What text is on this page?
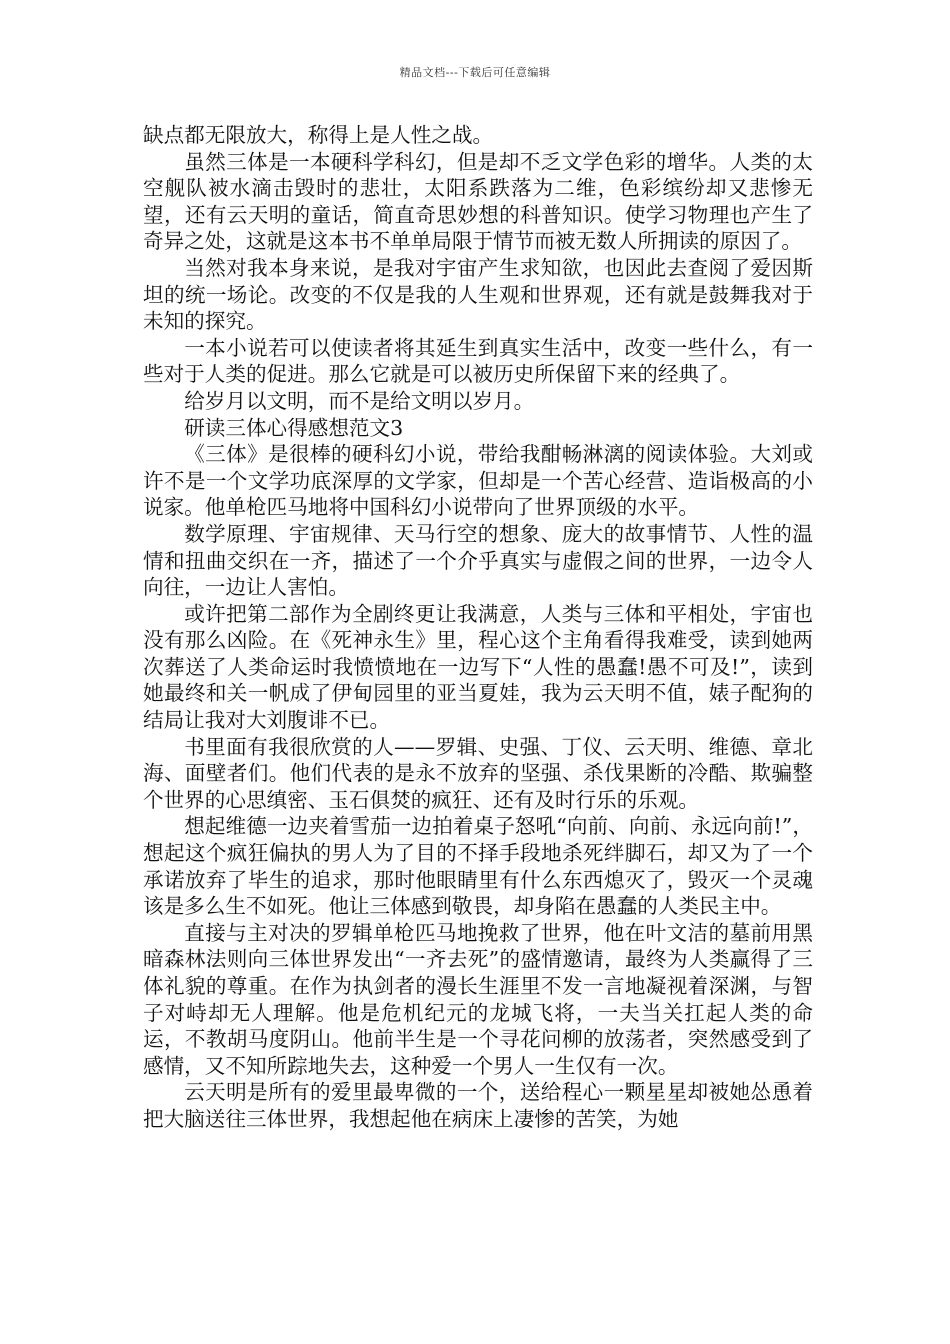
精品文档---下载后可任意编辑

缺点都无限放大，称得上是人性之战。

虽然三体是一本硬科学科幻，但是却不乏文学色彩的增华。人类的太空舰队被水滴击毁时的悲壮，太阳系跌落为二维，色彩缤纷却又悲惨无望，还有云天明的童话，简直奇思妙想的科普知识。使学习物理也产生了奇异之处，这就是这本书不单单局限于情节而被无数人所拥读的原因了。

当然对我本身来说，是我对宇宙产生求知欲，也因此去查阅了爱因斯坦的统一场论。改变的不仅是我的人生观和世界观，还有就是鼓舞我对于未知的探究。

一本小说若可以使读者将其延生到真实生活中，改变一些什么，有一些对于人类的促进。那么它就是可以被历史所保留下来的经典了。

给岁月以文明，而不是给文明以岁月。

研读三体心得感想范文3

《三体》是很棒的硬科幻小说，带给我酣畅淋漓的阅读体验。大刘或许不是一个文学功底深厚的文学家，但却是一个苦心经营、造诣极高的小说家。他单枪匹马地将中国科幻小说带向了世界顶级的水平。

数学原理、宇宙规律、天马行空的想象、庞大的故事情节、人性的温情和扭曲交织在一齐，描述了一个介乎真实与虚假之间的世界，一边令人向往，一边让人害怕。

或许把第二部作为全剧终更让我满意，人类与三体和平相处，宇宙也没有那么凶险。在《死神永生》里，程心这个主角看得我难受，读到她两次葬送了人类命运时我愤愤地在一边写下“人性的愚蠢!愚不可及!”，读到她最终和关一帆成了伊甸园里的亚当夏娃，我为云天明不值，婊子配狗的结局让我对大刘腹诽不已。

书里面有我很欣赏的人——罗辑、史强、丁仪、云天明、维德、章北海、面壁者们。他们代表的是永不放弃的坚强、杀伐果断的冷酷、欺骗整个世界的心思缜密、玉石俱焚的疯狂、还有及时行乐的乐观。

想起维德一边夹着雪茄一边拍着桌子怒吼“向前、向前、永远向前!”，想起这个疯狂偏执的男人为了目的不择手段地杀死绊脚石，却又为了一个承诺放弃了毕生的追求，那时他眼睛里有什么东西熄灭了，毁灭一个灵魂该是多么生不如死。他让三体感到敬畏，却身陷在愚蠢的人类民主中。

直接与主对决的罗辑单枪匹马地挽救了世界，他在叶文洁的墓前用黑暗森林法则向三体世界发出“一齐去死”的盛情邀请，最终为人类赢得了三体礼貌的尊重。在作为执剑者的漫长生涯里不发一言地凝视着深渊，与智子对峙却无人理解。他是危机纪元的龙城飞将，一夫当关扛起人类的命运，不教胡马度阴山。他前半生是一个寻花问柳的放荡者，突然感受到了感情，又不知所踪地失去，这种爱一个男人一生仅有一次。

云天明是所有的爱里最卑微的一个，送给程心一颗星星却被她怂恿着把大脑送往三体世界，我想起他在病床上凄惨的苦笑，为她
